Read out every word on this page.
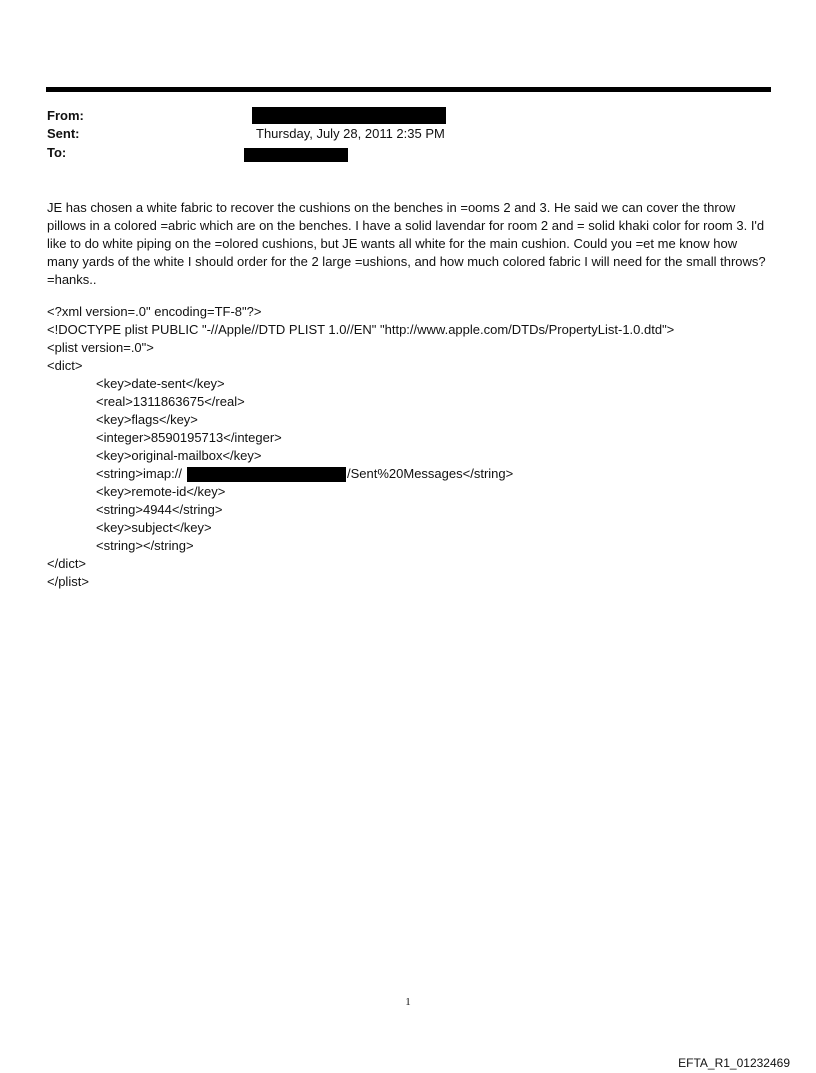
From:
Sent:	Thursday, July 28, 2011 2:35 PM
To:

JE has chosen a white fabric to recover the cushions on the benches in =ooms 2 and 3. He said we can cover the throw pillows in a colored =abric which are on the benches. I have a solid lavendar for room 2 and = solid khaki color for room 3. I'd like to do white piping on the =olored cushions, but JE wants all white for the main cushion. Could you =et me know how many yards of the white I should order for the 2 large =ushions, and how much colored fabric I will need for the small throws? =hanks..

<?xml version=.0" encoding=TF-8"?>
<!DOCTYPE plist PUBLIC "-//Apple//DTD PLIST 1.0//EN" "http://www.apple.com/DTDs/PropertyList-1.0.dtd">
<plist version=.0">
<dict>
<key>date-sent</key>
<real>1311863675</real>
<key>flags</key>
<integer>8590195713</integer>
<key>original-mailbox</key>
<string>imap://	/Sent%20Messages</string>
<key>remote-id</key>
<string>4944</string>
<key>subject</key>
<string></string>
</dict>
</plist>
1
EFTA_R1_01232469
